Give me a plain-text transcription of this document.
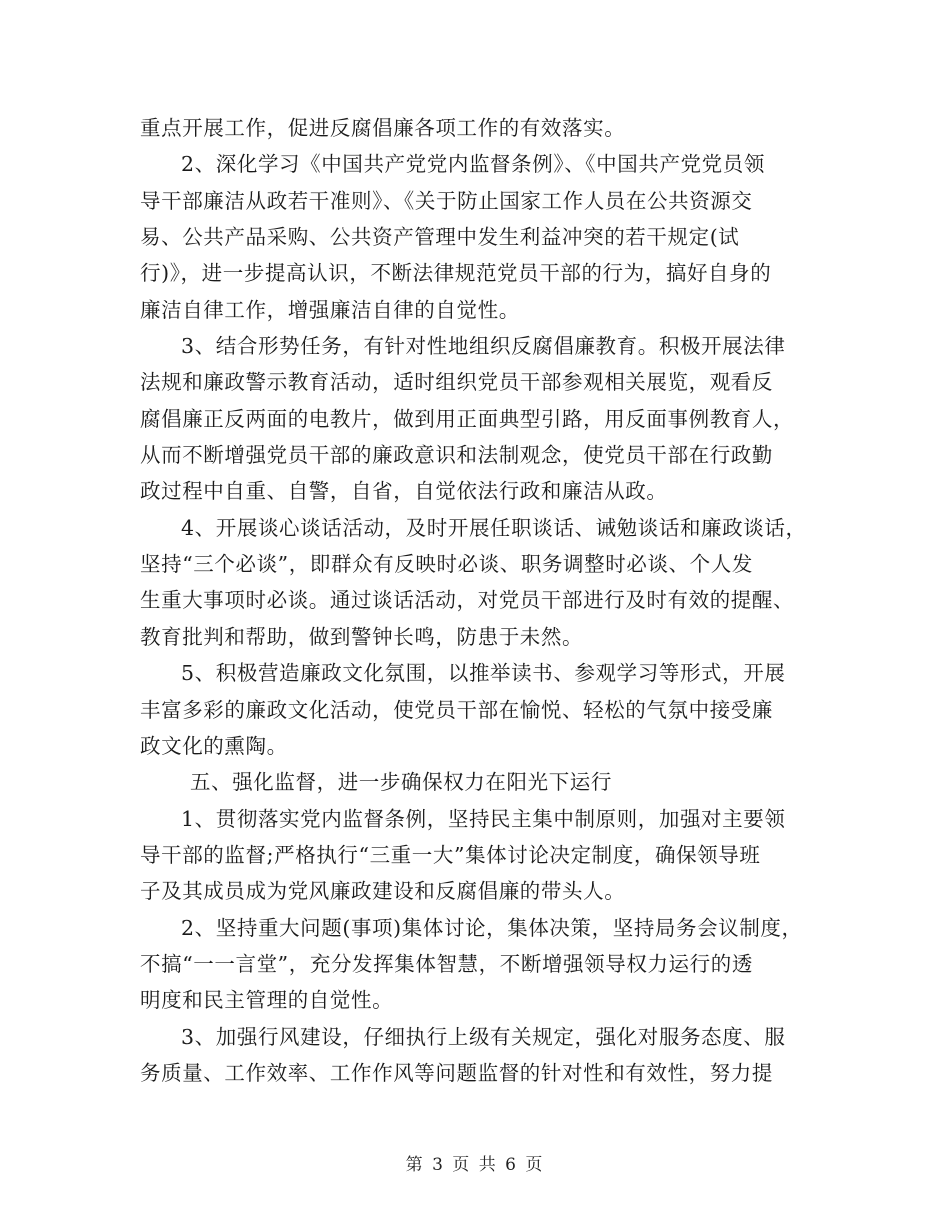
重点开展工作，促进反腐倡廉各项工作的有效落实。
2、深化学习《中国共产党党内监督条例》、《中国共产党党员领
导干部廉洁从政若干准则》、《关于防止国家工作人员在公共资源交
易、公共产品采购、公共资产管理中发生利益冲突的若干规定(试
行)》，进一步提高认识，不断法律规范党员干部的行为，搞好自身的
廉洁自律工作，增强廉洁自律的自觉性。
3、结合形势任务，有针对性地组织反腐倡廉教育。积极开展法律
法规和廉政警示教育活动，适时组织党员干部参观相关展览，观看反
腐倡廉正反两面的电教片，做到用正面典型引路，用反面事例教育人，
从而不断增强党员干部的廉政意识和法制观念，使党员干部在行政勤
政过程中自重、自警，自省，自觉依法行政和廉洁从政。
4、开展谈心谈话活动，及时开展任职谈话、诫勉谈话和廉政谈话，
坚持“三个必谈”，即群众有反映时必谈、职务调整时必谈、个人发
生重大事项时必谈。通过谈话活动，对党员干部进行及时有效的提醒、
教育批判和帮助，做到警钟长鸣，防患于未然。
5、积极营造廉政文化氛围，以推举读书、参观学习等形式，开展
丰富多彩的廉政文化活动，使党员干部在愉悦、轻松的气氛中接受廉
政文化的熏陶。
五、强化监督，进一步确保权力在阳光下运行
1、贯彻落实党内监督条例，坚持民主集中制原则，加强对主要领
导干部的监督;严格执行“三重一大”集体讨论决定制度，确保领导班
子及其成员成为党风廉政建设和反腐倡廉的带头人。
2、坚持重大问题(事项)集体讨论，集体决策，坚持局务会议制度，
不搞“一一言堂”，充分发挥集体智慧，不断增强领导权力运行的透
明度和民主管理的自觉性。
3、加强行风建设，仔细执行上级有关规定，强化对服务态度、服
务质量、工作效率、工作作风等问题监督的针对性和有效性，努力提
第 3 页 共 6 页
